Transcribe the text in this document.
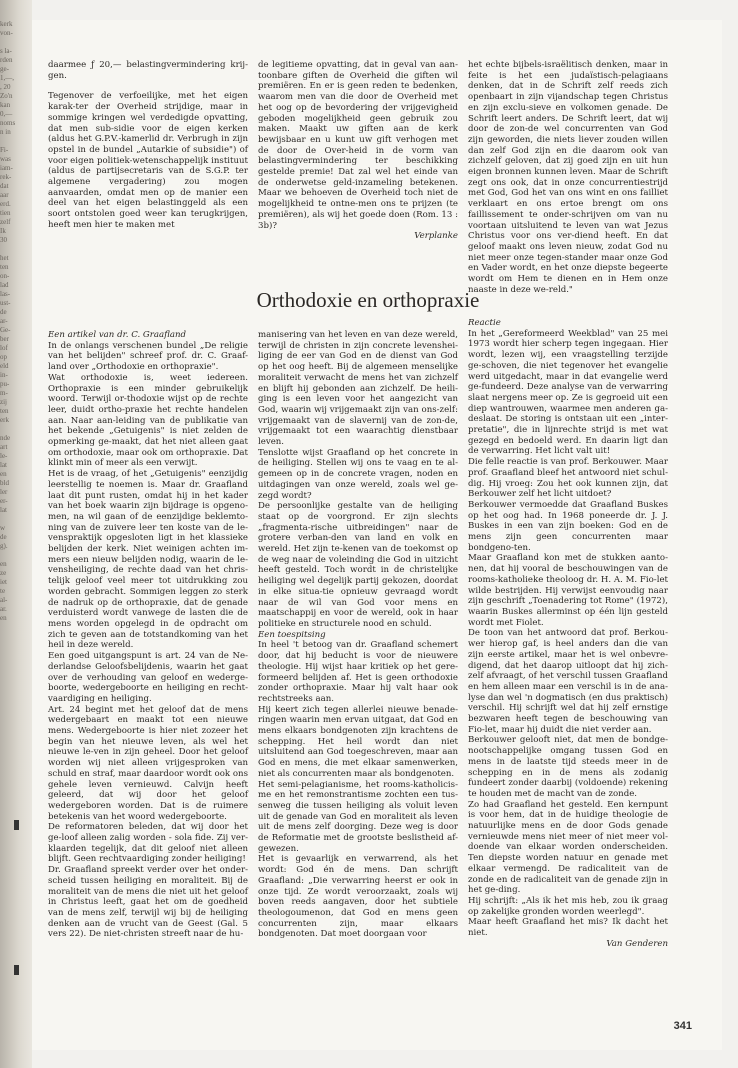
kerk
von-

s la-
rden
ge-
1,—,
, 20
Zo'n
kan
0,—
noms
n in

Fi-
was
iam-
rek-
dat
aar
erd.
tien
zelf
Ik
30

het
ten
on-
lad
las-
ust-
de
ar-
Ge-
ber
lof
op
eld
in-
pu-
m-
zij
ten
erk

nde
art
le-
lat
en
bld
ler
er-
lat

w
de
g).

en
ze
iet
te
al-
ar.
en

daarmee ƒ 20,— belastingvermindering krij-gen.

Tegenover de verfoeilijke, met het eigen karak-ter der Overheid strijdige, maar in sommige kringen wel verdedigde opvatting, dat men sub-sidie voor de eigen kerken (aldus het G.P.V.-kamerlid dr. Verbrugh in zijn opstel in de bundel „Autarkie of subsidie") of voor eigen politiek-wetenschappelijk instituut (aldus de partijsecretaris van de S.G.P. ter algemene vergadering) zou mogen aanvaarden, omdat men op de manier een deel van het eigen belastinggeld als een soort ontstolen goed weer kan terugkrijgen, heeft men hier te maken met

de legitieme opvatting, dat in geval van aan-toonbare giften de Overheid die giften wil premiëren. En er is geen reden te bedenken, waarom men van die door de Overheid met het oog op de bevordering der vrijgevigheid geboden mogelijkheid geen gebruik zou maken. Maakt uw giften aan de kerk bewijsbaar en u kunt uw gift verhogen met de door de Over-heid in de vorm van belastingvermindering ter beschikking gestelde premie! Dat zal wel het einde van de onderwetse geld-inzameling betekenen. Maar we behoeven de Overheid toch niet de mogelijkheid te ontne-men ons te prijzen (te premiëren), als wij het goede doen (Rom. 13 : 3b)?

Verplanke

het echte bijbels-israëlitisch denken, maar in feite is het een judaïstisch-pelagiaans denken, dat in de Schrift zelf reeds zich openbaart in zijn vijandschap tegen Christus en zijn exclu-sieve en volkomen genade. De Schrift leert anders. De Schrift leert, dat wij door de zon-de wel concurrenten van God zijn geworden, die niets liever zouden willen dan zelf God zijn en die daarom ook van zichzelf geloven, dat zij goed zijn en uit hun eigen bronnen kunnen leven. Maar de Schrift zegt ons ook, dat in onze concurrentiestrijd met God, God het van ons wint en ons failliet verklaart en ons ertoe brengt om ons faillissement te onder-schrijven om van nu voortaan uitsluitend te leven van wat Jezus Christus voor ons ver-diend heeft. En dat geloof maakt ons leven nieuw, zodat God nu niet meer onze tegen-stander maar onze God en Vader wordt, en het onze diepste begeerte wordt om Hem te dienen en in Hem onze naaste in deze we-reld."

Orthodoxie en orthopraxie

Een artikel van dr. C. Graafland

In de onlangs verschenen bundel „De religie van het belijden" schreef prof. dr. C. Graaf-land over „Orthodoxie en orthopraxie".

Wat orthodoxie is, weet iedereen. Orthopraxie is een minder gebruikelijk woord. Terwijl or-thodoxie wijst op de rechte leer, duidt ortho-praxie het rechte handelen aan. Naar aan-leiding van de publikatie van het bekende „Getuigenis" is niet zelden de opmerking ge-maakt, dat het niet alleen gaat om orthodoxie, maar ook om orthopraxie. Dat klinkt min of meer als een verwijt.

Het is de vraag, of het „Getuigenis" eenzijdig leerstellig te noemen is. Maar dr. Graafland laat dit punt rusten, omdat hij in het kader van het boek waarin zijn bijdrage is opgeno-men, na wil gaan of de eenzijdige beklemto-ning van de zuivere leer ten koste van de le-venspraktijk opgesloten ligt in het klassieke belijden der kerk. Niet weinigen achten im-mers een nieuw belijden nodig, waarin de le-vensheiliging, de rechte daad van het chris-telijk geloof veel meer tot uitdrukking zou worden gebracht. Sommigen leggen zo sterk de nadruk op de orthopraxie, dat de genade verduisterd wordt vanwege de lasten die de mens worden opgelegd in de opdracht om zich te geven aan de totstandkoming van het heil in deze wereld.

Een goed uitgangspunt is art. 24 van de Ne-derlandse Geloofsbelijdenis, waarin het gaat over de verhouding van geloof en wederge-boorte, wedergeboorte en heiliging en recht-vaardiging en heiliging.

Art. 24 begint met het geloof dat de mens wedergebaart en maakt tot een nieuwe mens. Wedergeboorte is hier niet zozeer het begin van het nieuwe leven, als wel het nieuwe le-ven in zijn geheel. Door het geloof worden wij niet alleen vrijgesproken van schuld en straf, maar daardoor wordt ook ons gehele leven vernieuwd. Calvijn heeft geleerd, dat wij door het geloof wedergeboren worden. Dat is de ruimere betekenis van het woord wedergeboorte.

De reformatoren beleden, dat wij door het ge-loof alleen zalig worden - sola fide. Zij ver-klaarden tegelijk, dat dit geloof niet alleen blijft. Geen rechtvaardiging zonder heiliging!

Dr. Graafland spreekt verder over het onder-scheid tussen heiliging en moraliteit. Bij de moraliteit van de mens die niet uit het geloof in Christus leeft, gaat het om de goedheid van de mens zelf, terwijl wij bij de heiliging denken aan de vrucht van de Geest (Gal. 5 vers 22). De niet-christen streeft naar de hu-

manisering van het leven en van deze wereld, terwijl de christen in zijn concrete levenshei-liging de eer van God en de dienst van God op het oog heeft. Bij de algemeen menselijke moraliteit verwacht de mens het van zichzelf en blijft hij gebonden aan zichzelf. De heili-ging is een leven voor het aangezicht van God, waarin wij vrijgemaakt zijn van ons-zelf: vrijgemaakt van de slavernij van de zon-de, vrijgemaakt tot een waarachtig dienstbaar leven.

Tenslotte wijst Graafland op het concrete in de heiliging. Stellen wij ons te vaag en te al-gemeen op in de concrete vragen, noden en uitdagingen van onze wereld, zoals wel ge-zegd wordt?

De persoonlijke gestalte van de heiliging staat op de voorgrond. Er zijn slechts „fragmenta-rische uitbreidingen" naar de grotere verban-den van land en volk en wereld. Het zijn te-kenen van de toekomst op de weg naar de voleinding die God in uitzicht heeft gesteld. Toch wordt in de christelijke heiliging wel degelijk partij gekozen, doordat in elke situa-tie opnieuw gevraagd wordt naar de wil van God voor mens en maatschappij en voor de wereld, ook in haar politieke en structurele nood en schuld.

Een toespitsing

In heel 't betoog van dr. Graafland schemert door, dat hij beducht is voor de nieuwere theologie. Hij wijst haar kritiek op het gere-formeerd belijden af. Het is geen orthodoxie zonder orthopraxie. Maar hij valt haar ook rechtstreeks aan.

Hij keert zich tegen allerlei nieuwe benade-ringen waarin men ervan uitgaat, dat God en mens elkaars bondgenoten zijn krachtens de schepping. Het heil wordt dan niet uitsluitend aan God toegeschreven, maar aan God en mens, die met elkaar samenwerken, niet als concurrenten maar als bondgenoten.

Het semi-pelagianisme, het rooms-katholicis-me en het remonstrantisme zochten een tus-senweg die tussen heiliging als voluit leven uit de genade van God en moraliteit als leven uit de mens zelf doorging. Deze weg is door de Reformatie met de grootste beslistheid af-gewezen.

Het is gevaarlijk en verwarrend, als het wordt: God én de mens. Dan schrijft Graafland: „Die verwarring heerst er ook in onze tijd. Ze wordt veroorzaakt, zoals wij boven reeds aangaven, door het subtiele theologoumenon, dat God en mens geen concurrenten zijn, maar elkaars bondgenoten. Dat moet doorgaan voor

Reactie

In het „Gereformeerd Weekblad" van 25 mei 1973 wordt hier scherp tegen ingegaan. Hier wordt, lezen wij, een vraagstelling terzijde ge-schoven, die niet tegenover het evangelie werd uitgedacht, maar in dat evangelie werd ge-fundeerd. Deze analyse van de verwarring slaat nergens meer op. Ze is gegroeid uit een diep wantrouwen, waarmee men anderen ga-deslaat. De storing is ontstaan uit een „inter-pretatie", die in lijnrechte strijd is met wat gezegd en bedoeld werd. En daarin ligt dan de verwarring. Het licht valt uit!

Die felle reactie is van prof. Berkouwer. Maar prof. Graafland bleef het antwoord niet schul-dig. Hij vroeg: Zou het ook kunnen zijn, dat Berkouwer zelf het licht uitdoet?

Berkouwer vermoedde dat Graafland Buskes op het oog had. In 1968 poneerde dr. J. J. Buskes in een van zijn boeken: God en de mens zijn geen concurrenten maar bondgeno-ten.

Maar Graafland kon met de stukken aanto-nen, dat hij vooral de beschouwingen van de rooms-katholieke theoloog dr. H. A. M. Fio-let wilde bestrijden. Hij verwijst eenvoudig naar zijn geschrift „Toenadering tot Rome" (1972), waarin Buskes allerminst op één lijn gesteld wordt met Fiolet.

De toon van het antwoord dat prof. Berkou-wer hierop gaf, is heel anders dan die van zijn eerste artikel, maar het is wel onbevre-digend, dat het daarop uitloopt dat hij zich-zelf afvraagt, of het verschil tussen Graafland en hem alleen maar een verschil is in de ana-lyse dan wel 'n dogmatisch (en dus praktisch) verschil. Hij schrijft wel dat hij zelf ernstige bezwaren heeft tegen de beschouwing van Fio-let, maar hij duidt die niet verder aan.

Berkouwer gelooft niet, dat men de bondge-nootschappelijke omgang tussen God en mens in de laatste tijd steeds meer in de schepping en in de mens als zodanig fundeert zonder daarbij (voldoende) rekening te houden met de macht van de zonde.

Zo had Graafland het gesteld. Een kernpunt is voor hem, dat in de huidige theologie de natuurlijke mens en de door Gods genade vernieuwde mens niet meer of niet meer vol-doende van elkaar worden onderscheiden. Ten diepste worden natuur en genade met elkaar vermengd. De radicaliteit van de zonde en de radicaliteit van de genade zijn in het ge-ding.

Hij schrijft: „Als ik het mis heb, zou ik graag op zakelijke gronden worden weerlegd".

Maar heeft Graafland het mis? Ik dacht het niet.

Van Genderen
341
